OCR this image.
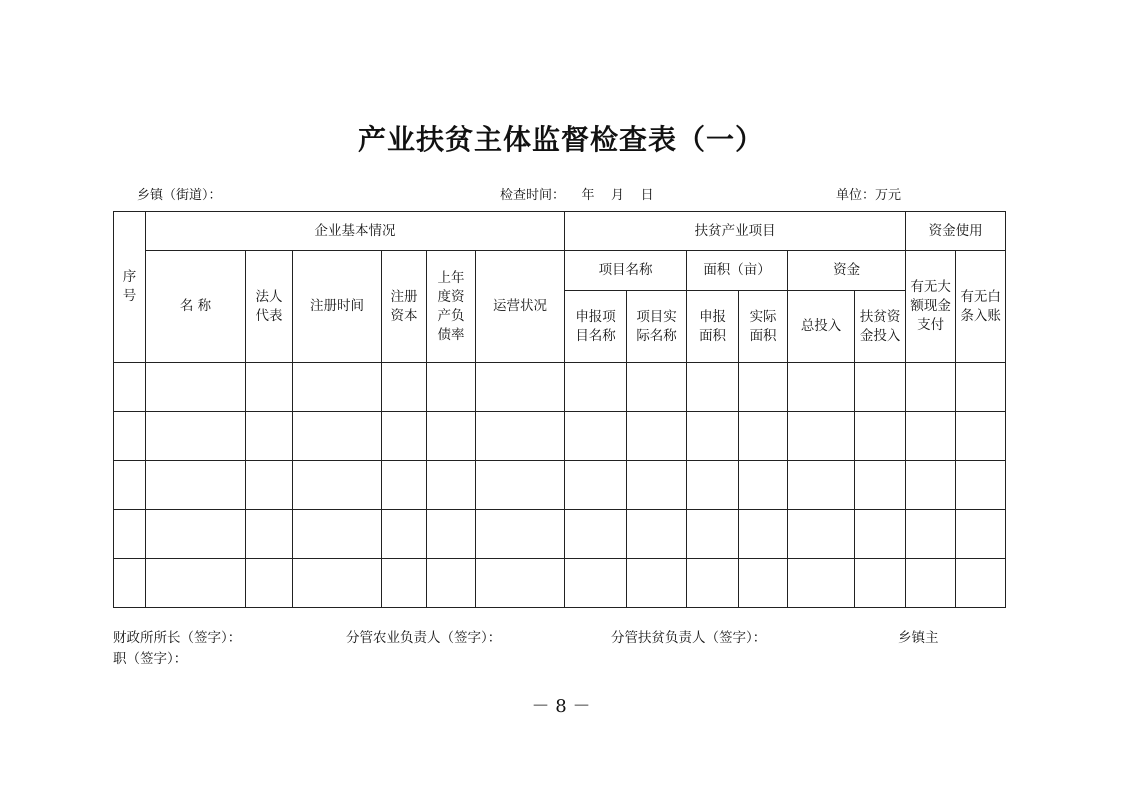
产业扶贫主体监督检查表（一）
乡镇（街道）：	检查时间：    年    月    日	单位：万元
序号	企业基本情况						扶贫产业项目						资金使用	
	名 称	法人代表	注册时间	注册资本	上年度资产负债率	运营状况	项目名称		面积（亩）		资金		有无大额现金支付	有无白条入账

							申报项目名称	项目实际名称	申报面积	实际面积	总投入	扶贫资金投入		

财政所所长（签字）：	分管农业负责人（签字）：	分管扶贫负责人（签字）：	乡镇主
职（签字）：
－ 8 －
